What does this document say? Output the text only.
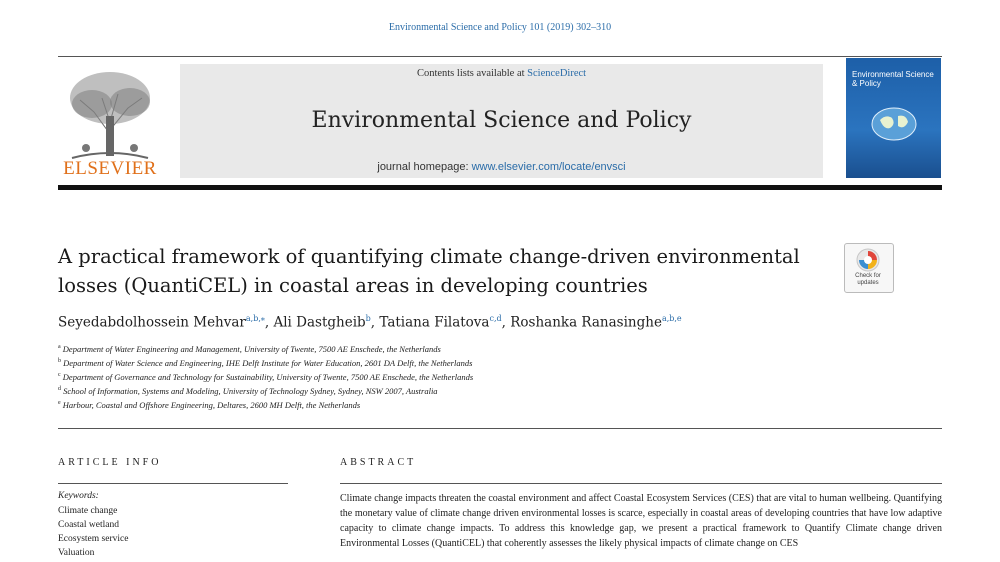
Environmental Science and Policy 101 (2019) 302–310
ELSEVIER
Contents lists available at ScienceDirect
Environmental Science and Policy
journal homepage: www.elsevier.com/locate/envsci
Environmental Science & Policy
A practical framework of quantifying climate change-driven environmental losses (QuantiCEL) in coastal areas in developing countries	Check for updates
Seyedabdolhossein Mehvar$^{a,b,⁎}$, Ali Dastgheib$^b$, Tatiana Filatova$^{c,d}$, Roshanka Ranasinghe$^{a,b,e}$
$^a$ Department of Water Engineering and Management, University of Twente, 7500 AE Enschede, the Netherlands
$^b$ Department of Water Science and Engineering, IHE Delft Institute for Water Education, 2601 DA Delft, the Netherlands
$^c$ Department of Governance and Technology for Sustainability, University of Twente, 7500 AE Enschede, the Netherlands
$^d$ School of Information, Systems and Modeling, University of Technology Sydney, Sydney, NSW 2007, Australia
$^e$ Harbour, Coastal and Offshore Engineering, Deltares, 2600 MH Delft, the Netherlands
ARTICLE INFO	ABSTRACT
Keywords:
Climate change
Coastal wetland
Ecosystem service
Valuation
Climate change impacts threaten the coastal environment and affect Coastal Ecosystem Services (CES) that are vital to human wellbeing. Quantifying the monetary value of climate change driven environmental losses is scarce, especially in coastal areas of developing countries that have low adaptive capacity to climate change impacts. To address this knowledge gap, we present a practical framework to Quantify Climate change driven Environmental Losses (QuantiCEL) that coherently assesses the likely physical impacts of climate change on CES
